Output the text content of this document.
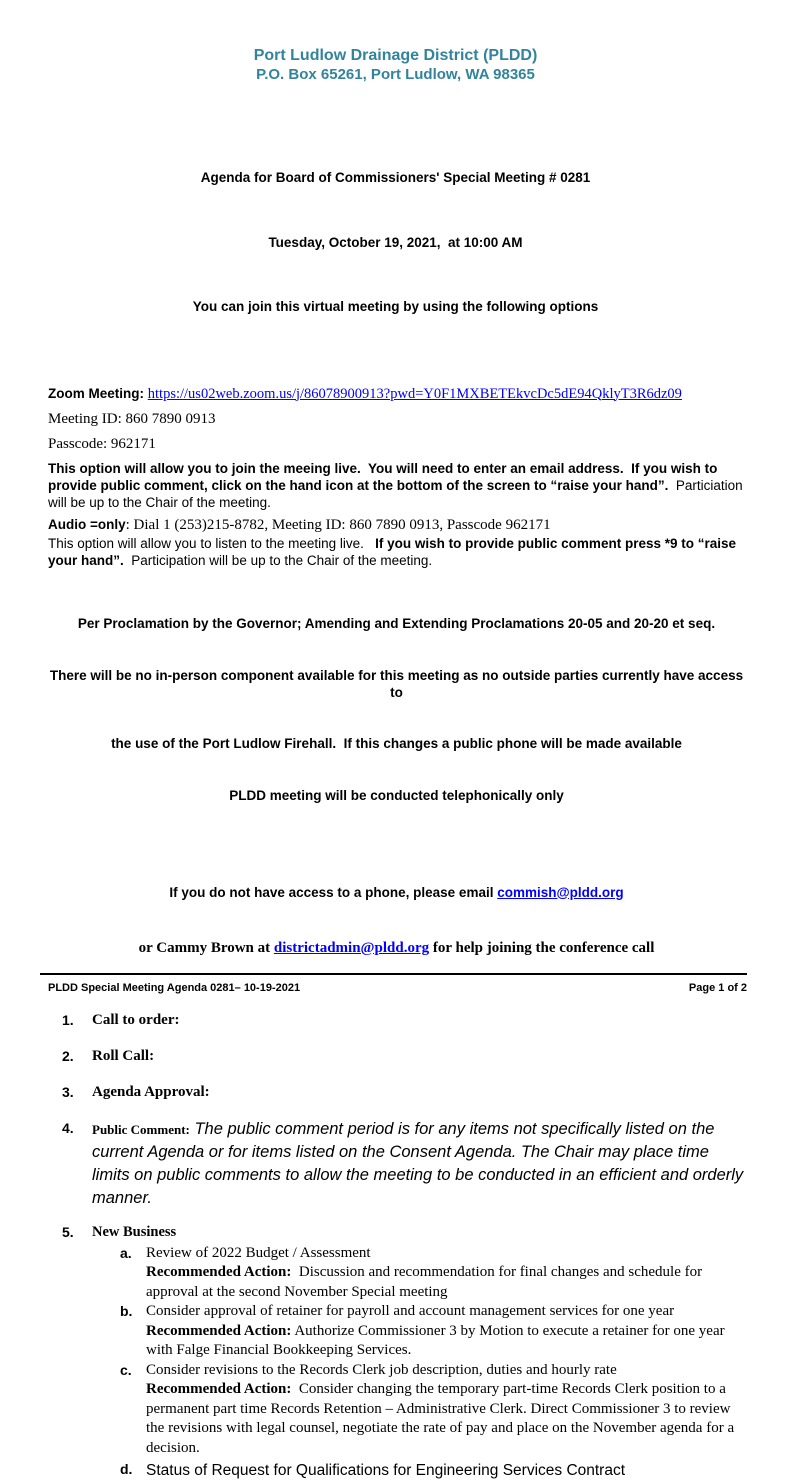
Port Ludlow Drainage District (PLDD)
P.O. Box 65261, Port Ludlow, WA 98365

Agenda for Board of Commissioners' Special Meeting # 0281

Tuesday, October 19, 2021,  at 10:00 AM

You can join this virtual meeting by using the following options

Zoom Meeting: https://us02web.zoom.us/j/86078900913?pwd=Y0F1MXBETEkvcDc5dE94QklyT3R6dz09

Meeting ID: 860 7890 0913

Passcode: 962171

This option will allow you to join the meeing live.  You will need to enter an email address.  If you wish to provide public comment, click on the hand icon at the bottom of the screen to “raise your hand”.  Particiation will be up to the Chair of the meeting.

Audio =only: Dial 1 (253)215-8782, Meeting ID: 860 7890 0913, Passcode 962171

This option will allow you to listen to the meeting live.   If you wish to provide public comment press *9 to “raise your hand”.  Participation will be up to the Chair of the meeting.

Per Proclamation by the Governor; Amending and Extending Proclamations 20-05 and 20-20 et seq.

There will be no in-person component available for this meeting as no outside parties currently have access to

the use of the Port Ludlow Firehall.  If this changes a public phone will be made available

PLDD meeting will be conducted telephonically only

If you do not have access to a phone, please email commish@pldd.org

or Cammy Brown at districtadmin@pldd.org for help joining the conference call

1.	Call to order:
2.	Roll Call:
3.	Agenda Approval:
4.	Public Comment: The public comment period is for any items not specifically listed on the current Agenda or for items listed on the Consent Agenda. The Chair may place time limits on public comments to allow the meeting to be conducted in an efficient and orderly manner.
5.	New Business
a. Review of 2022 Budget / Assessment
Recommended Action:  Discussion and recommendation for final changes and schedule for approval at the second November Special meeting
b. Consider approval of retainer for payroll and account management services for one year
Recommended Action: Authorize Commissioner 3 by Motion to execute a retainer for one year with Falge Financial Bookkeeping Services.
c. Consider revisions to the Records Clerk job description, duties and hourly rate
Recommended Action:  Consider changing the temporary part-time Records Clerk position to a permanent part time Records Retention – Administrative Clerk. Direct Commissioner 3 to review the revisions with legal counsel, negotiate the rate of pay and place on the November agenda for a decision.
d. Status of Request for Qualifications for Engineering Services Contract
PLDD Special Meeting Agenda 0281– 10-19-2021	Page 1 of 2
